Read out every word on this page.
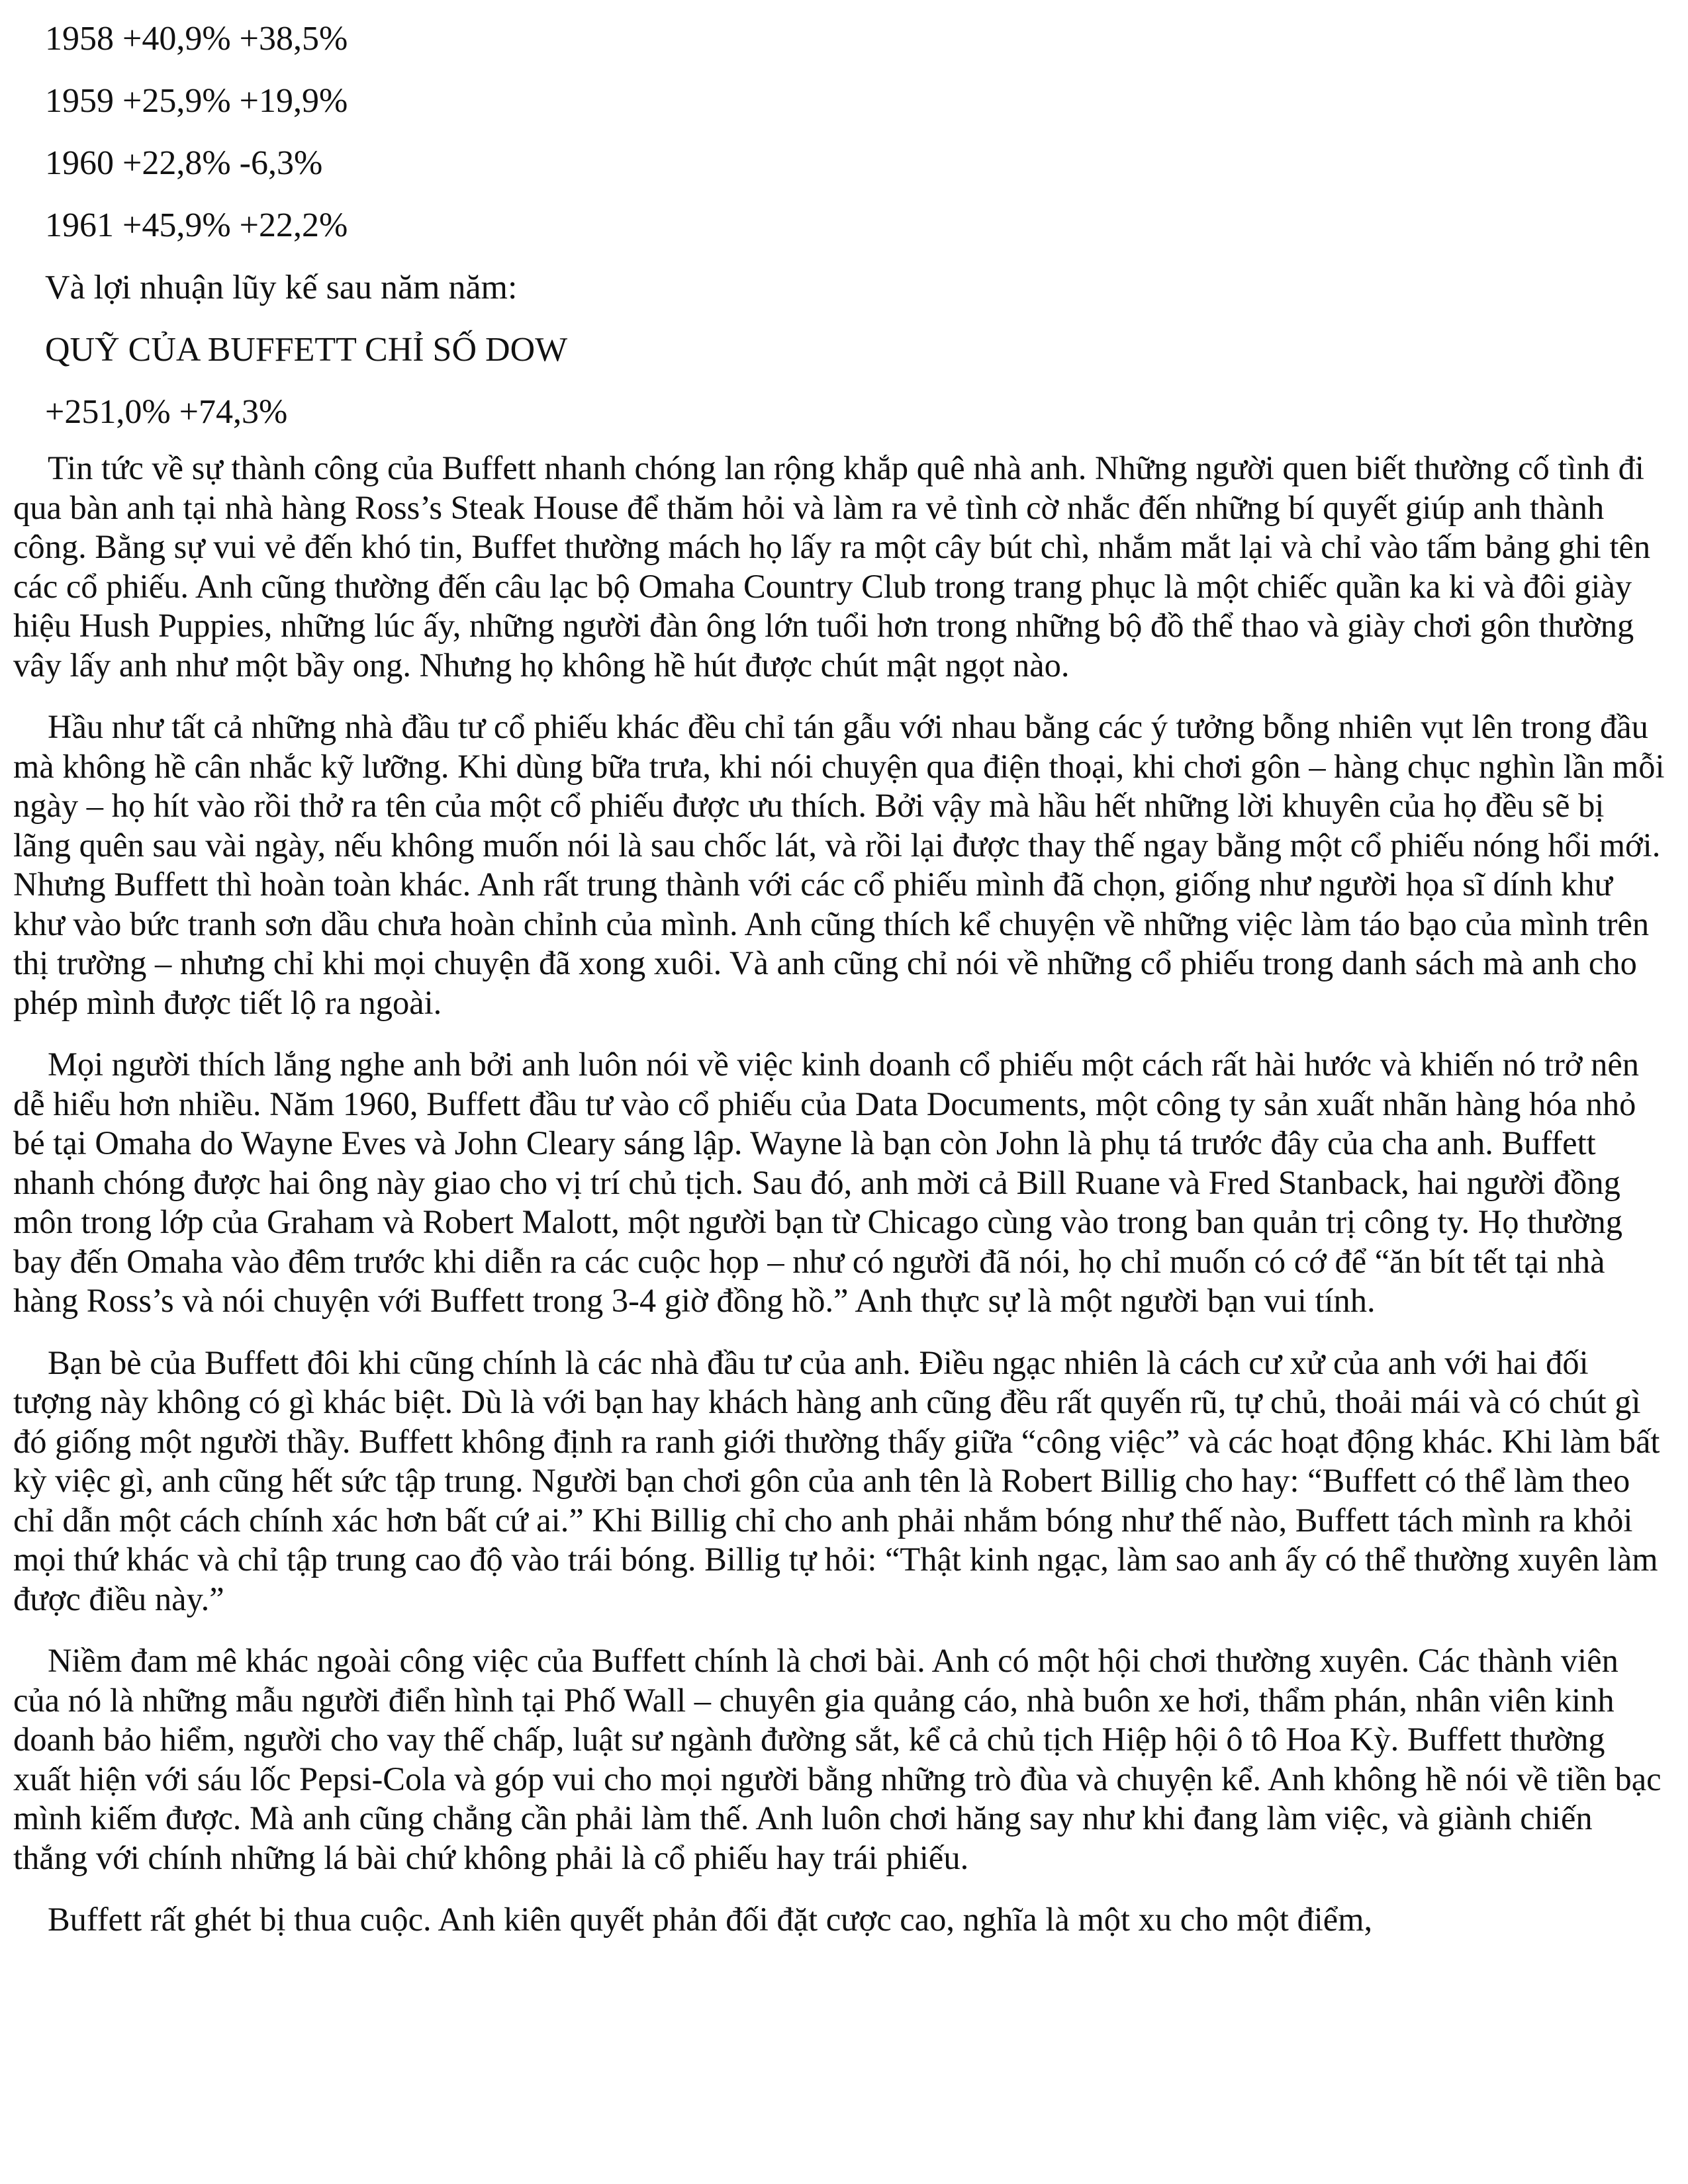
1958 +40,9% +38,5%
1959 +25,9% +19,9%
1960 +22,8% -6,3%
1961 +45,9% +22,2%
Và lợi nhuận lũy kế sau năm năm:
QUỸ CỦA BUFFETT CHỈ SỐ DOW
+251,0% +74,3%

Tin tức về sự thành công của Buffett nhanh chóng lan rộng khắp quê nhà anh. Những người quen biết thường cố tình đi qua bàn anh tại nhà hàng Ross’s Steak House để thăm hỏi và làm ra vẻ tình cờ nhắc đến những bí quyết giúp anh thành công. Bằng sự vui vẻ đến khó tin, Buffet thường mách họ lấy ra một cây bút chì, nhắm mắt lại và chỉ vào tấm bảng ghi tên các cổ phiếu. Anh cũng thường đến câu lạc bộ Omaha Country Club trong trang phục là một chiếc quần ka ki và đôi giày hiệu Hush Puppies, những lúc ấy, những người đàn ông lớn tuổi hơn trong những bộ đồ thể thao và giày chơi gôn thường vây lấy anh như một bầy ong. Nhưng họ không hề hút được chút mật ngọt nào.

Hầu như tất cả những nhà đầu tư cổ phiếu khác đều chỉ tán gẫu với nhau bằng các ý tưởng bỗng nhiên vụt lên trong đầu mà không hề cân nhắc kỹ lưỡng. Khi dùng bữa trưa, khi nói chuyện qua điện thoại, khi chơi gôn – hàng chục nghìn lần mỗi ngày – họ hít vào rồi thở ra tên của một cổ phiếu được ưu thích. Bởi vậy mà hầu hết những lời khuyên của họ đều sẽ bị lãng quên sau vài ngày, nếu không muốn nói là sau chốc lát, và rồi lại được thay thế ngay bằng một cổ phiếu nóng hổi mới. Nhưng Buffett thì hoàn toàn khác. Anh rất trung thành với các cổ phiếu mình đã chọn, giống như người họa sĩ dính khư khư vào bức tranh sơn dầu chưa hoàn chỉnh của mình. Anh cũng thích kể chuyện về những việc làm táo bạo của mình trên thị trường – nhưng chỉ khi mọi chuyện đã xong xuôi. Và anh cũng chỉ nói về những cổ phiếu trong danh sách mà anh cho phép mình được tiết lộ ra ngoài.

Mọi người thích lắng nghe anh bởi anh luôn nói về việc kinh doanh cổ phiếu một cách rất hài hước và khiến nó trở nên dễ hiểu hơn nhiều. Năm 1960, Buffett đầu tư vào cổ phiếu của Data Documents, một công ty sản xuất nhãn hàng hóa nhỏ bé tại Omaha do Wayne Eves và John Cleary sáng lập. Wayne là bạn còn John là phụ tá trước đây của cha anh. Buffett nhanh chóng được hai ông này giao cho vị trí chủ tịch. Sau đó, anh mời cả Bill Ruane và Fred Stanback, hai người đồng môn trong lớp của Graham và Robert Malott, một người bạn từ Chicago cùng vào trong ban quản trị công ty. Họ thường bay đến Omaha vào đêm trước khi diễn ra các cuộc họp – như có người đã nói, họ chỉ muốn có cớ để “ăn bít tết tại nhà hàng Ross’s và nói chuyện với Buffett trong 3-4 giờ đồng hồ.” Anh thực sự là một người bạn vui tính.

Bạn bè của Buffett đôi khi cũng chính là các nhà đầu tư của anh. Điều ngạc nhiên là cách cư xử của anh với hai đối tượng này không có gì khác biệt. Dù là với bạn hay khách hàng anh cũng đều rất quyến rũ, tự chủ, thoải mái và có chút gì đó giống một người thầy. Buffett không định ra ranh giới thường thấy giữa “công việc” và các hoạt động khác. Khi làm bất kỳ việc gì, anh cũng hết sức tập trung. Người bạn chơi gôn của anh tên là Robert Billig cho hay: “Buffett có thể làm theo chỉ dẫn một cách chính xác hơn bất cứ ai.” Khi Billig chỉ cho anh phải nhắm bóng như thế nào, Buffett tách mình ra khỏi mọi thứ khác và chỉ tập trung cao độ vào trái bóng. Billig tự hỏi: “Thật kinh ngạc, làm sao anh ấy có thể thường xuyên làm được điều này.”

Niềm đam mê khác ngoài công việc của Buffett chính là chơi bài. Anh có một hội chơi thường xuyên. Các thành viên của nó là những mẫu người điển hình tại Phố Wall – chuyên gia quảng cáo, nhà buôn xe hơi, thẩm phán, nhân viên kinh doanh bảo hiểm, người cho vay thế chấp, luật sư ngành đường sắt, kể cả chủ tịch Hiệp hội ô tô Hoa Kỳ. Buffett thường xuất hiện với sáu lốc Pepsi-Cola và góp vui cho mọi người bằng những trò đùa và chuyện kể. Anh không hề nói về tiền bạc mình kiếm được. Mà anh cũng chẳng cần phải làm thế. Anh luôn chơi hăng say như khi đang làm việc, và giành chiến thắng với chính những lá bài chứ không phải là cổ phiếu hay trái phiếu.

Buffett rất ghét bị thua cuộc. Anh kiên quyết phản đối đặt cược cao, nghĩa là một xu cho một điểm,
